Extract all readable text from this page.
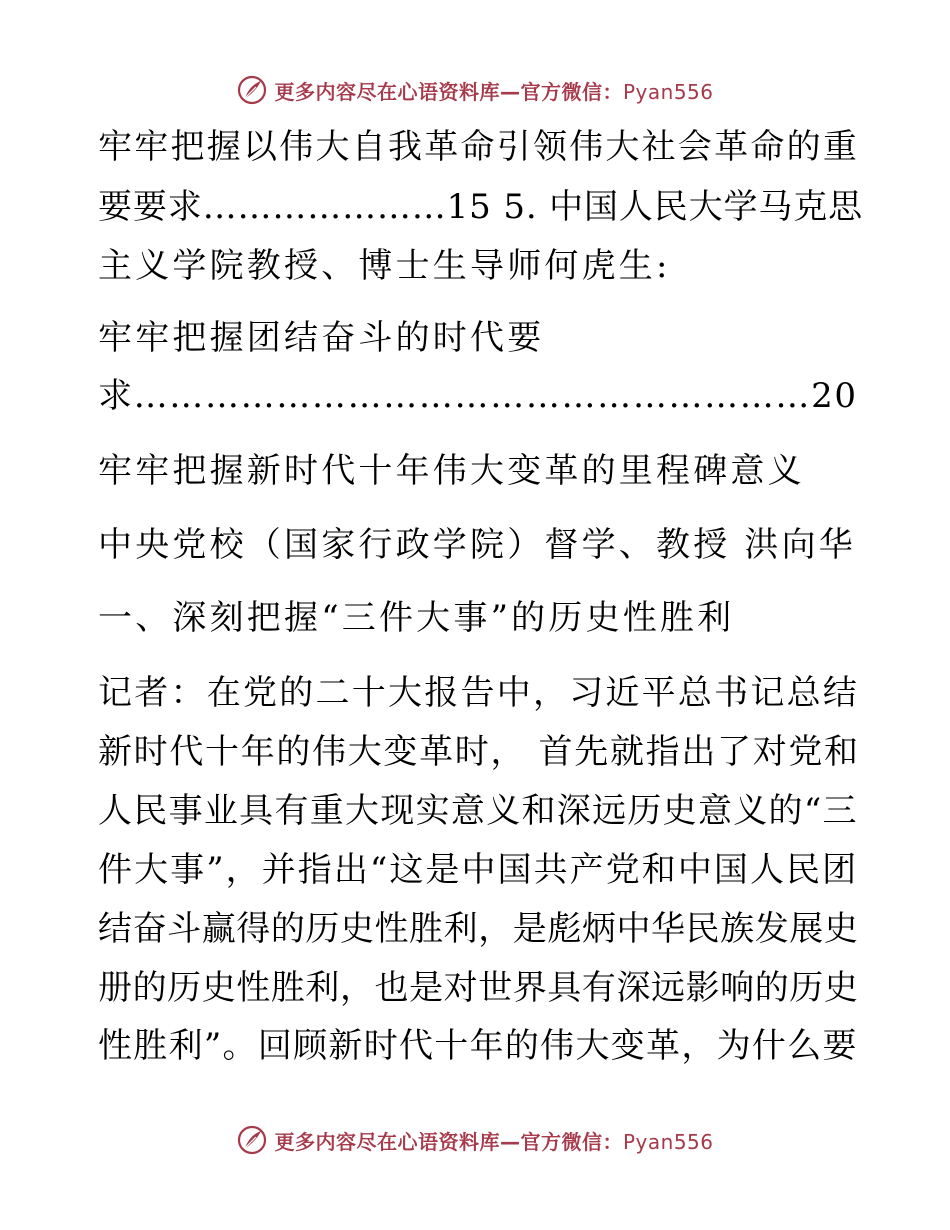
更多内容尽在心语资料库—官方微信：Pyan556
牢牢把握以伟大自我革命引领伟大社会革命的重
要要求…………………15 5. 中国人民大学马克思
主义学院教授、博士生导师何虎生:
牢牢把握团结奋斗的时代要
求…………………………………………………20
牢牢把握新时代十年伟大变革的里程碑意义
中央党校（国家行政学院）督学、教授 洪向华
一、深刻把握“三件大事”的历史性胜利
记者：在党的二十大报告中，习近平总书记总结
新时代十年的伟大变革时， 首先就指出了对党和
人民事业具有重大现实意义和深远历史意义的“三
件大事”，并指出“这是中国共产党和中国人民团
结奋斗赢得的历史性胜利，是彪炳中华民族发展史
册的历史性胜利，也是对世界具有深远影响的历史
性胜利”。回顾新时代十年的伟大变革，为什么要
更多内容尽在心语资料库—官方微信：Pyan556
